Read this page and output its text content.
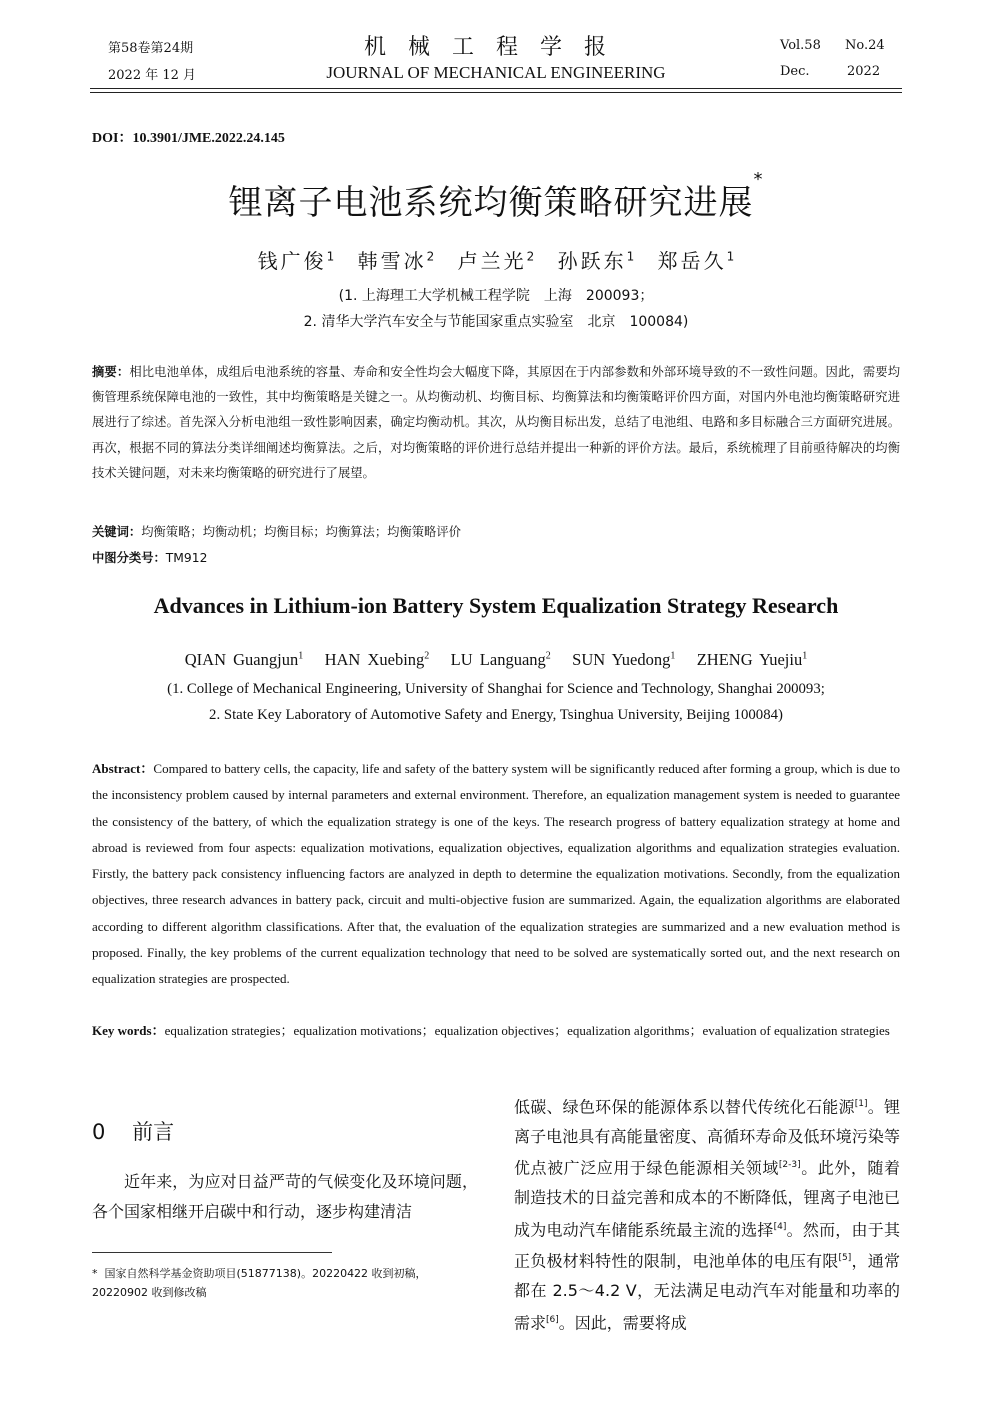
第58卷第24期
2022 年 12 月
机械工程学报
JOURNAL OF MECHANICAL ENGINEERING
Vol.58 No.24
Dec.	2022
DOI：10.3901/JME.2022.24.145
锂离子电池系统均衡策略研究进展*
钱广俊$^1$ 韩雪冰$^2$ 卢兰光$^2$ 孙跃东$^1$ 郑岳久$^1$
(1. 上海理工大学机械工程学院　上海　200093；
2. 清华大学汽车安全与节能国家重点实验室　北京　100084)
摘要：相比电池单体，成组后电池系统的容量、寿命和安全性均会大幅度下降，其原因在于内部参数和外部环境导致的不一致性问题。因此，需要均衡管理系统保障电池的一致性，其中均衡策略是关键之一。从均衡动机、均衡目标、均衡算法和均衡策略评价四方面，对国内外电池均衡策略研究进展进行了综述。首先深入分析电池组一致性影响因素，确定均衡动机。其次，从均衡目标出发，总结了电池组、电路和多目标融合三方面研究进展。再次，根据不同的算法分类详细阐述均衡算法。之后，对均衡策略的评价进行总结并提出一种新的评价方法。最后，系统梳理了目前亟待解决的均衡技术关键问题，对未来均衡策略的研究进行了展望。
关键词：均衡策略；均衡动机；均衡目标；均衡算法；均衡策略评价
中图分类号：TM912
Advances in Lithium-ion Battery System Equalization Strategy Research
QIAN Guangjun$^1$ HAN Xuebing$^2$ LU Languang$^2$ SUN Yuedong$^1$ ZHENG Yuejiu$^1$
(1. College of Mechanical Engineering, University of Shanghai for Science and Technology, Shanghai 200093;
2. State Key Laboratory of Automotive Safety and Energy, Tsinghua University, Beijing 100084)
Abstract：Compared to battery cells, the capacity, life and safety of the battery system will be significantly reduced after forming a group, which is due to the inconsistency problem caused by internal parameters and external environment. Therefore, an equalization management system is needed to guarantee the consistency of the battery, of which the equalization strategy is one of the keys. The research progress of battery equalization strategy at home and abroad is reviewed from four aspects: equalization motivations, equalization objectives, equalization algorithms and equalization strategies evaluation. Firstly, the battery pack consistency influencing factors are analyzed in depth to determine the equalization motivations. Secondly, from the equalization objectives, three research advances in battery pack, circuit and multi-objective fusion are summarized. Again, the equalization algorithms are elaborated according to different algorithm classifications. After that, the evaluation of the equalization strategies are summarized and a new evaluation method is proposed. Finally, the key problems of the current equalization technology that need to be solved are systematically sorted out, and the next research on equalization strategies are prospected.
Key words：equalization strategies；equalization motivations；equalization objectives；equalization algorithms；evaluation of equalization strategies
0 前言
近年来，为应对日益严苛的气候变化及环境问题，各个国家相继开启碳中和行动，逐步构建清洁
低碳、绿色环保的能源体系以替代传统化石能源[1]。锂离子电池具有高能量密度、高循环寿命及低环境污染等优点被广泛应用于绿色能源相关领域[2-3]。此外，随着制造技术的日益完善和成本的不断降低，锂离子电池已成为电动汽车储能系统最主流的选择[4]。然而，由于其正负极材料特性的限制，电池单体的电压有限[5]，通常都在 2.5～4.2 V，无法满足电动汽车对能量和功率的需求[6]。因此，需要将成
* 国家自然科学基金资助项目(51877138)。20220422 收到初稿，20220902 收到修改稿
